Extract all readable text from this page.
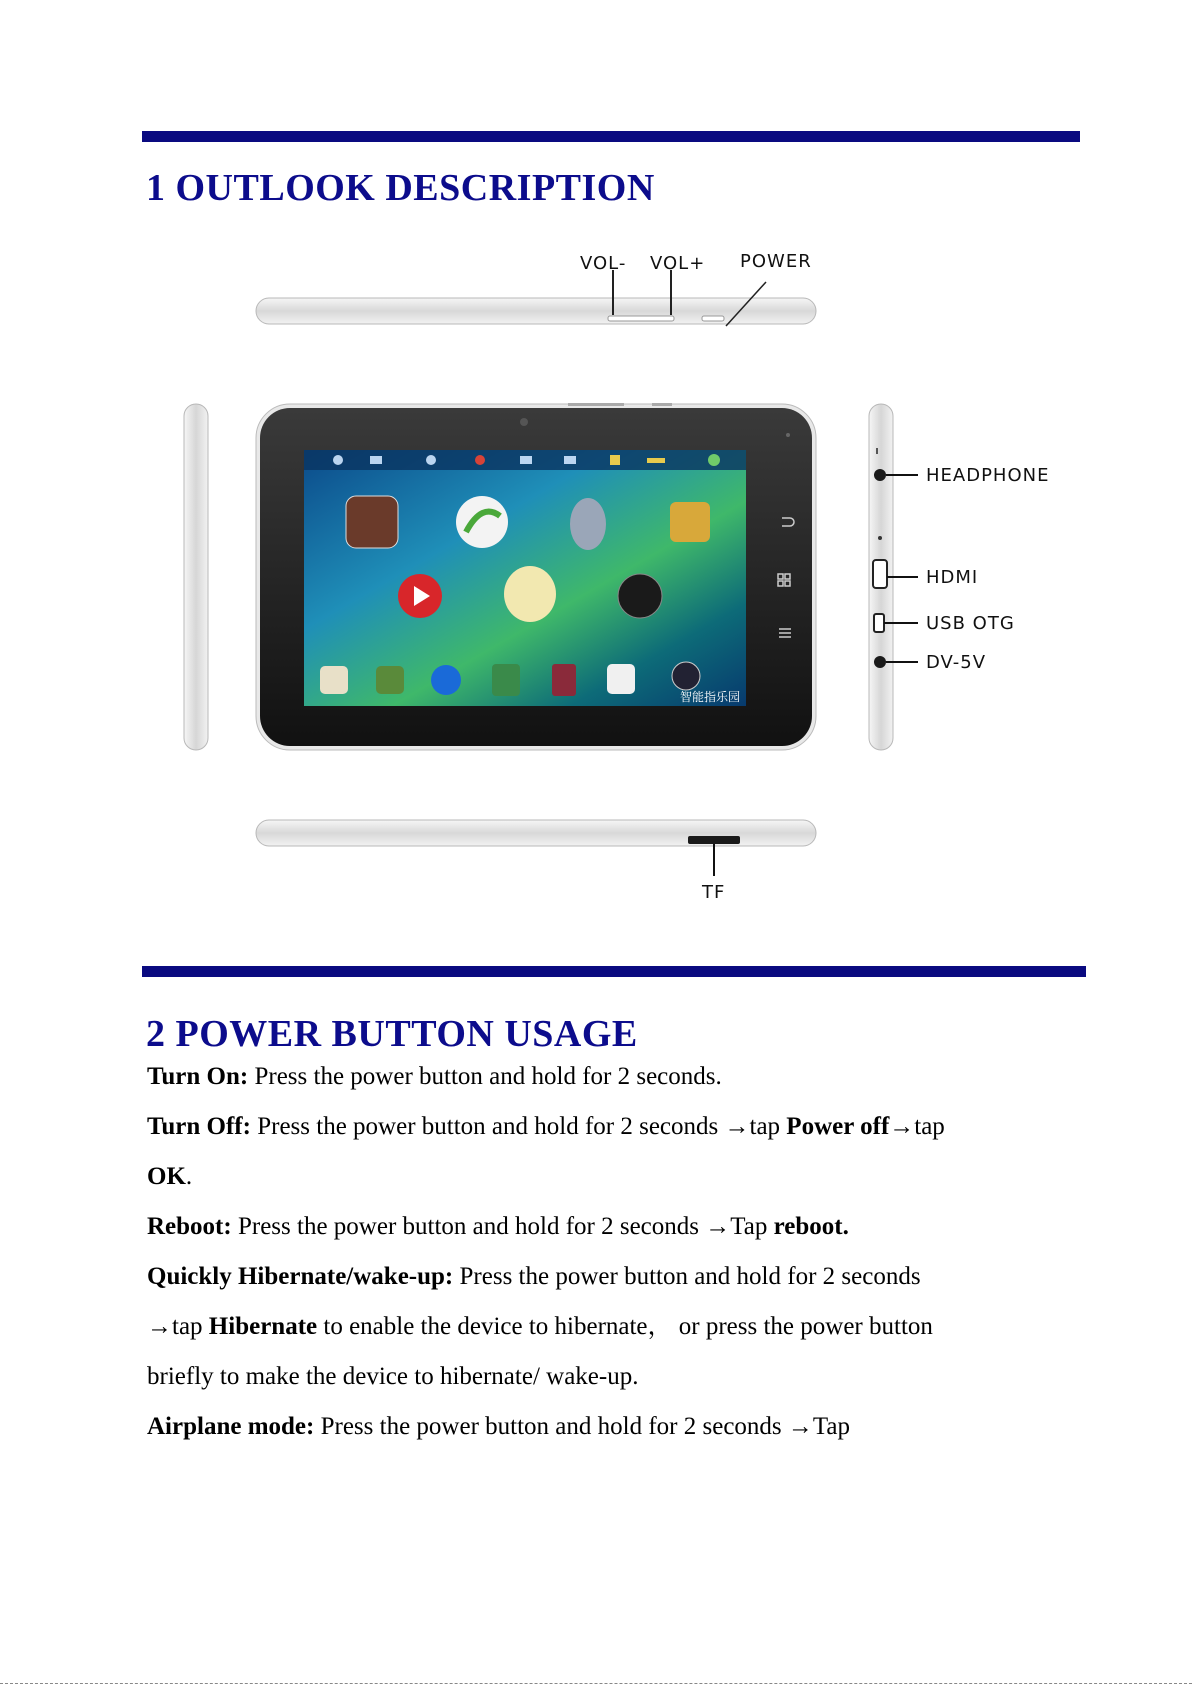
1 OUTLOOK DESCRIPTION
VOL- VOL+ POWER
智能指乐园
HEADPHONE
HDMI
USB OTG
DV-5V
TF
2 POWER BUTTON USAGE

Turn On: Press the power button and hold for 2 seconds.

Turn Off: Press the power button and hold for 2 seconds →tap Power off→tap

OK.

Reboot: Press the power button and hold for 2 seconds →Tap reboot.

Quickly Hibernate/wake-up: Press the power button and hold for 2 seconds

→tap Hibernate to enable the device to hibernate， or press the power button

briefly to make the device to hibernate/ wake-up.

Airplane mode: Press the power button and hold for 2 seconds →Tap
